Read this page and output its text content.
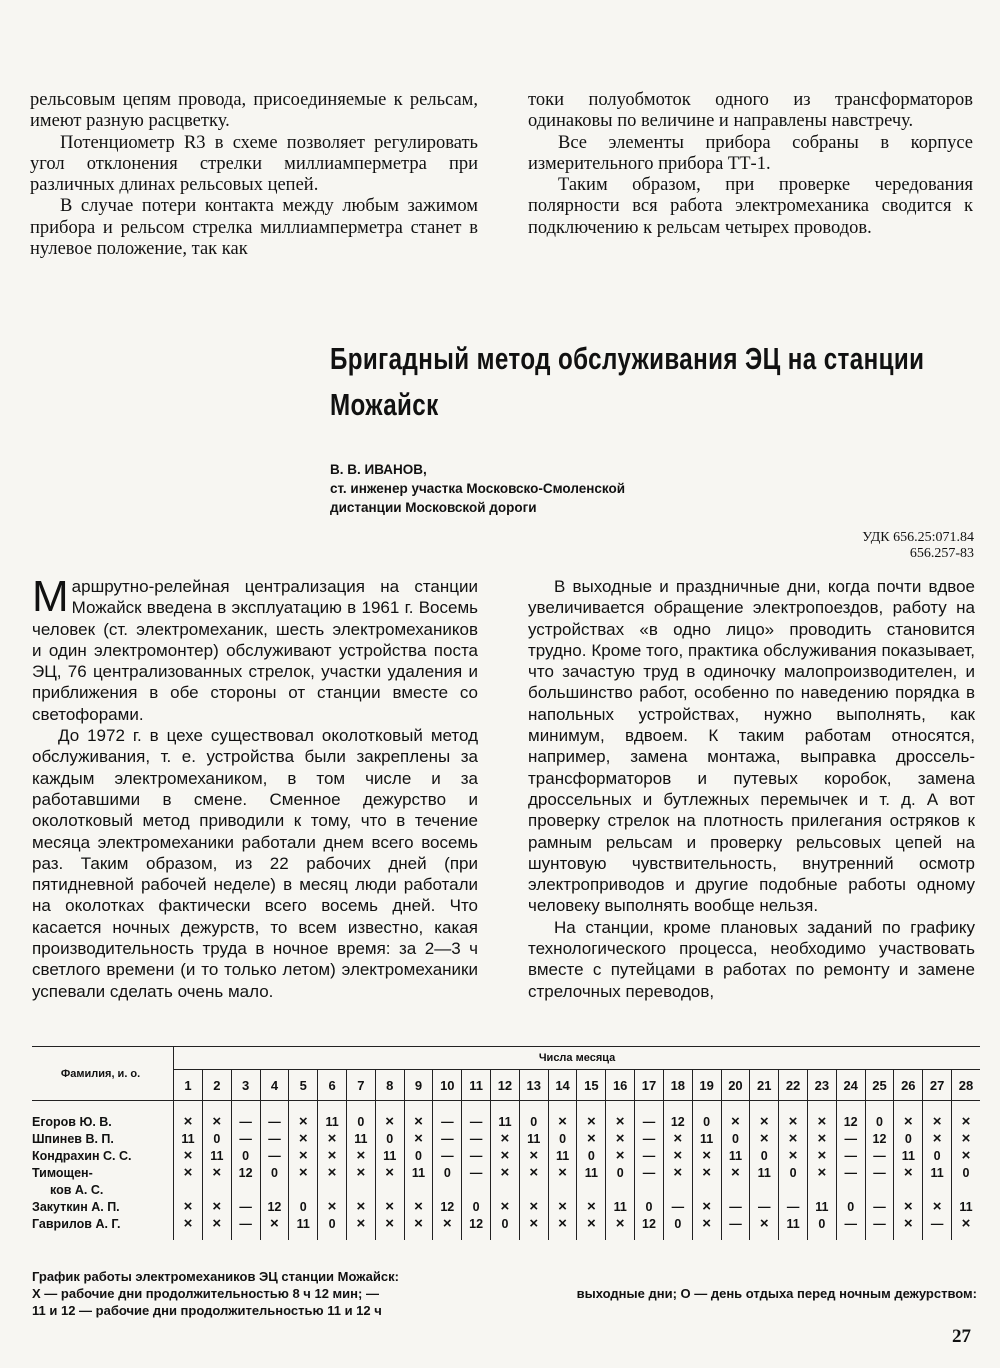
рельсовым цепям провода, присоединяемые к рельсам, имеют разную расцветку.

Потенциометр R3 в схеме позволяет регулировать угол отклонения стрелки миллиамперметра при различных длинах рельсовых цепей.

В случае потери контакта между любым зажимом прибора и рельсом стрелка миллиамперметра станет в нулевое положение, так как

токи полуобмоток одного из трансформаторов одинаковы по величине и направлены навстречу.

Все элементы прибора собраны в корпусе измерительного прибора ТТ-1.

Таким образом, при проверке чередования полярности вся работа электромеханика сводится к подключению к рельсам четырех проводов.

Бригадный метод обслуживания ЭЦ на станции
Можайск
В. В. ИВАНОВ,
ст. инженер участка Московско-Смоленской
дистанции Московской дороги
УДК 656.25:071.84
656.257-83

Маршрутно-релейная централизация на станции Можайск введена в эксплуатацию в 1961 г. Восемь человек (ст. электромеханик, шесть электромехаников и один электромонтер) обслуживают устройства поста ЭЦ, 76 централизованных стрелок, участки удаления и приближения в обе стороны от станции вместе со светофорами.

До 1972 г. в цехе существовал околотковый метод обслуживания, т. е. устройства были закреплены за каждым электромехаником, в том числе и за работавшими в смене. Сменное дежурство и околотковый метод приводили к тому, что в течение месяца электромеханики работали днем всего восемь раз. Таким образом, из 22 рабочих дней (при пятидневной рабочей неделе) в месяц люди работали на околотках фактически всего восемь дней. Что касается ночных дежурств, то всем известно, какая производительность труда в ночное время: за 2—3 ч светлого времени (и то только летом) электромеханики успевали сделать очень мало.

В выходные и праздничные дни, когда почти вдвое увеличивается обращение электропоездов, работу на устройствах «в одно лицо» проводить становится трудно. Кроме того, практика обслуживания показывает, что зачастую труд в одиночку малопроизводителен, и большинство работ, особенно по наведению порядка в напольных устройствах, нужно выполнять, как минимум, вдвоем. К таким работам относятся, например, замена монтажа, выправка дроссель-трансформаторов и путевых коробок, замена дроссельных и бутлежных перемычек и т. д. А вот проверку стрелок на плотность прилегания остряков к рамным рельсам и проверку рельсовых цепей на шунтовую чувствительность, внутренний осмотр электроприводов и другие подобные работы одному человеку выполнять вообще нельзя.

На станции, кроме плановых заданий по графику технологического процесса, необходимо участвовать вместе с путейцами в работах по ремонту и замене стрелочных переводов,

Фамилия, и. о.	Числа месяца																											
	1	2	3	4	5	6	7	8	9	10	11	12	13	14	15	16	17	18	19	20	21	22	23	24	25	26	27	28

Егоров Ю. В.	×	×	—	—	×	11	0	×	×	—	—	11	0	×	×	×	—	12	0	×	×	×	×	12	0	×	×	×
Шпинев В. П.	11	0	—	—	×	×	11	0	×	—	—	×	11	0	×	×	—	×	11	0	×	×	×	—	12	0	×	×
Кондрахин С. С.	×	11	0	—	×	×	×	11	0	—	—	×	×	11	0	×	—	×	×	11	0	×	×	—	—	11	0	×
Тимощен-	×	×	12	0	×	×	×	×	11	0	—	×	×	×	11	0	—	×	×	×	11	0	×	—	—	×	11	0
ков А. С.																												
Закуткин А. П.	×	×	—	12	0	×	×	×	×	12	0	×	×	×	×	11	0	—	×	—	—	—	11	0	—	×	×	11
Гаврилов А. Г.	×	×	—	×	11	0	×	×	×	×	12	0	×	×	×	×	12	0	×	—	×	11	0	—	—	×	—	×

График работы электромехаников ЭЦ станции Можайск:
Х — рабочие дни продолжительностью 8 ч 12 мин; —	выходные дни; О — день отдыха перед ночным дежурством:
11 и 12 — рабочие дни продолжительностью 11 и 12 ч
27
